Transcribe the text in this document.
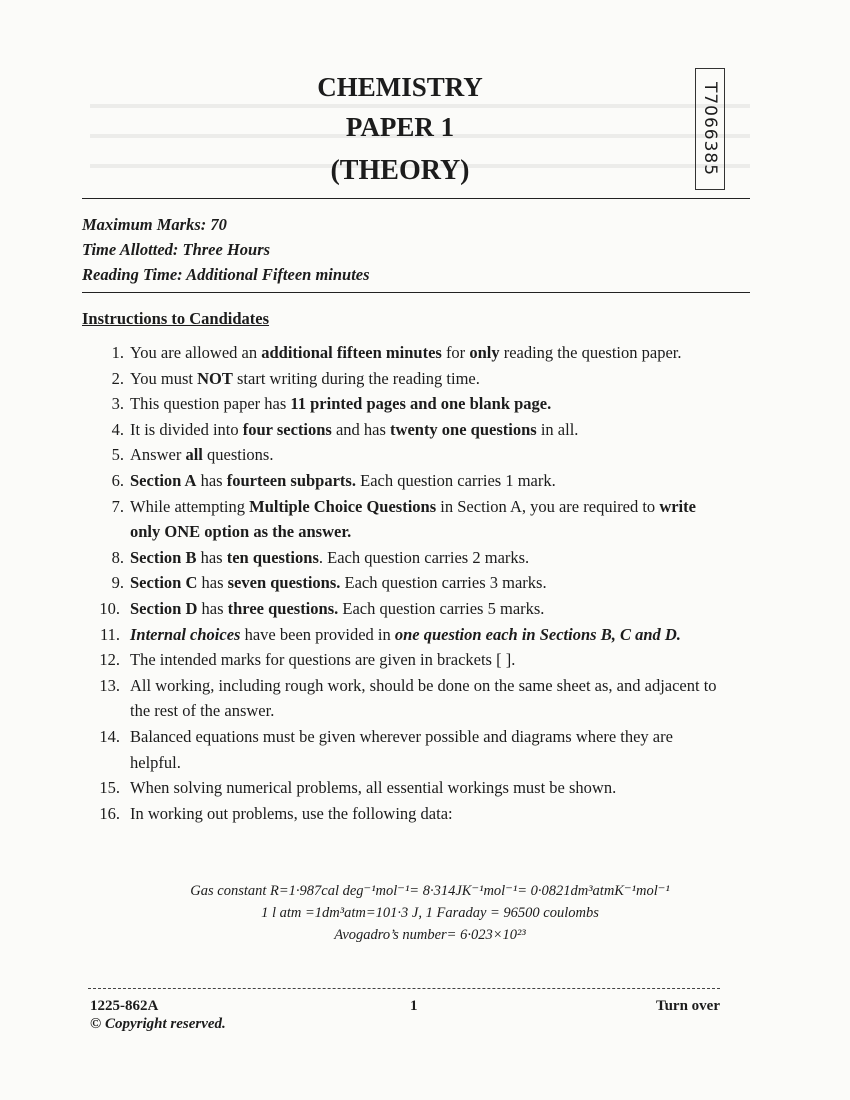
CHEMISTRY
PAPER 1
(THEORY)	T7066385
Maximum Marks: 70
Time Allotted: Three Hours
Reading Time: Additional Fifteen minutes
Instructions to Candidates
1. You are allowed an additional fifteen minutes for only reading the question paper.
2. You must NOT start writing during the reading time.
3. This question paper has 11 printed pages and one blank page.
4. It is divided into four sections and has twenty one questions in all.
5. Answer all questions.
6. Section A has fourteen subparts. Each question carries 1 mark.
7. While attempting Multiple Choice Questions in Section A, you are required to write only ONE option as the answer.
8. Section B has ten questions. Each question carries 2 marks.
9. Section C has seven questions. Each question carries 3 marks.
10. Section D has three questions. Each question carries 5 marks.
11. Internal choices have been provided in one question each in Sections B, C and D.
12. The intended marks for questions are given in brackets [ ].
13. All working, including rough work, should be done on the same sheet as, and adjacent to the rest of the answer.
14. Balanced equations must be given wherever possible and diagrams where they are helpful.
15. When solving numerical problems, all essential workings must be shown.
16. In working out problems, use the following data:
Gas constant R=1·987cal deg⁻¹mol⁻¹= 8·314JK⁻¹mol⁻¹= 0·0821dm³atmK⁻¹mol⁻¹
1 l atm =1dm³atm=101·3 J, 1 Faraday = 96500 coulombs
Avogadro’s number= 6·023×10²³
1225-862A
© Copyright reserved.
1	Turn over
